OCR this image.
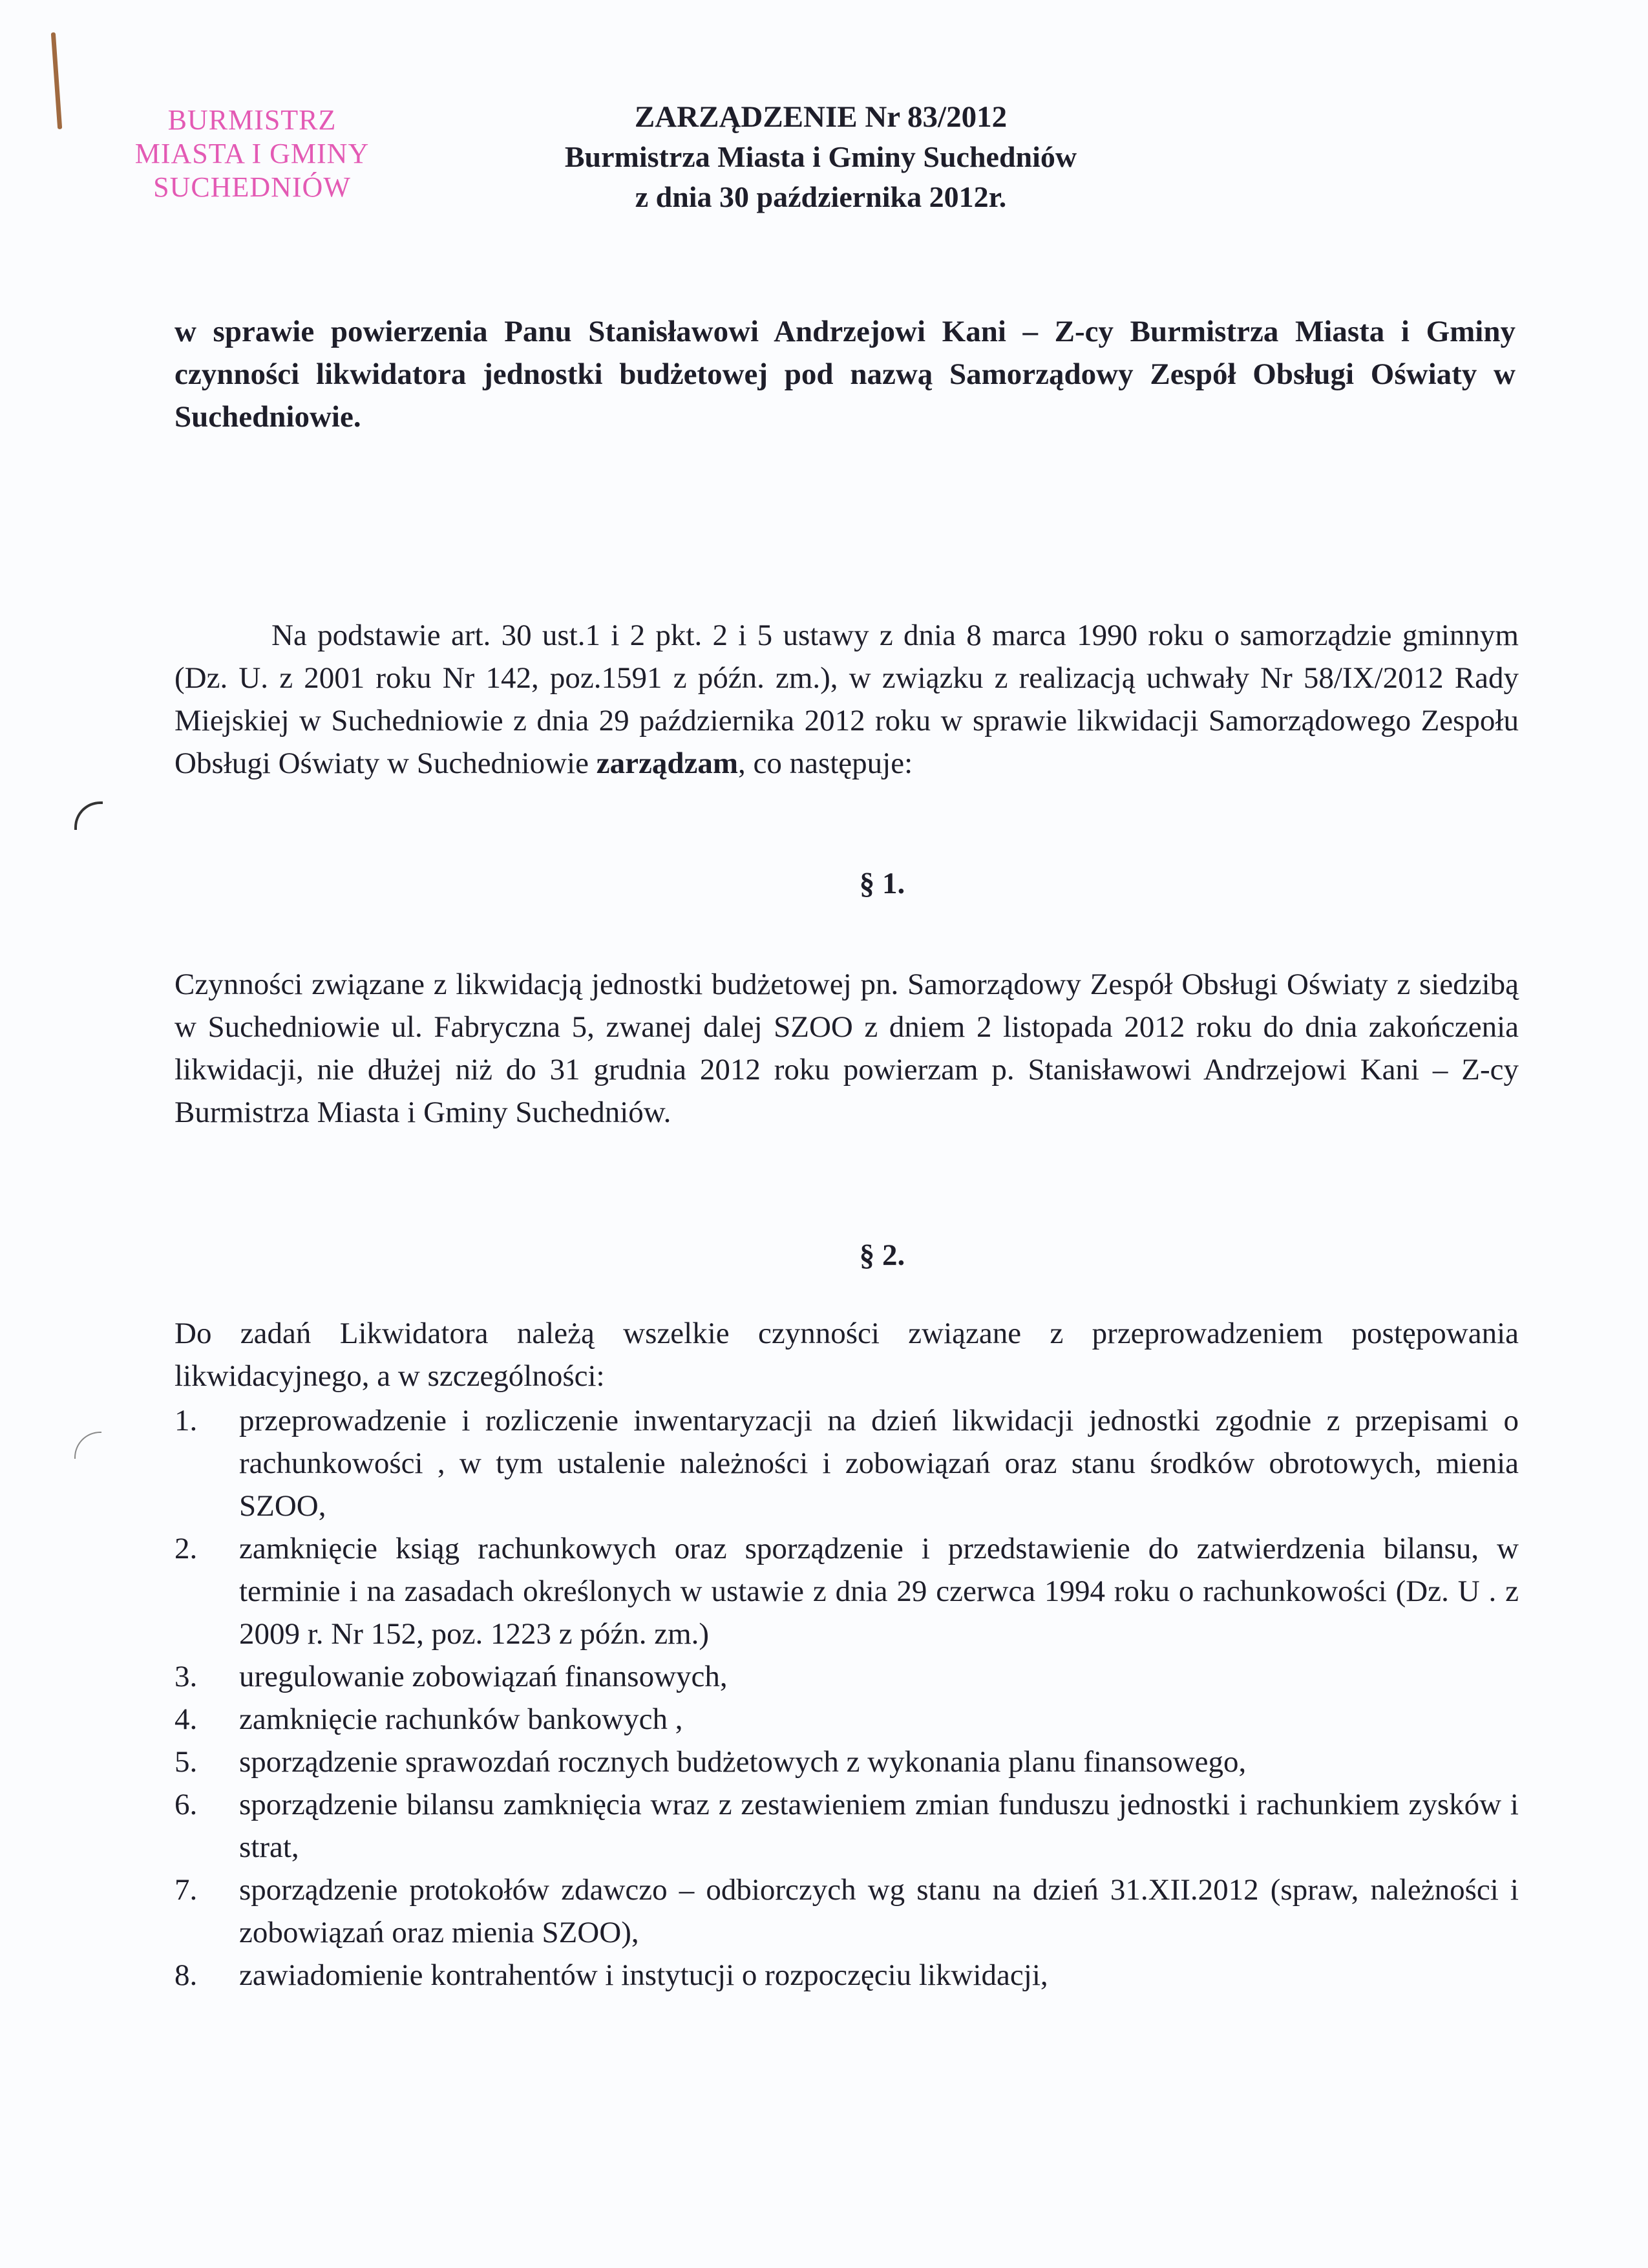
BURMISTRZ
MIASTA I GMINY
SUCHEDNIÓW
ZARZĄDZENIE Nr 83/2012
Burmistrza Miasta i Gminy Suchedniów
z dnia 30 października 2012r.
w sprawie powierzenia Panu Stanisławowi Andrzejowi Kani – Z-cy Burmistrza Miasta i Gminy czynności likwidatora jednostki budżetowej pod nazwą Samorządowy Zespół Obsługi Oświaty w Suchedniowie.
Na podstawie art. 30 ust.1 i 2 pkt. 2 i 5 ustawy z dnia 8 marca 1990 roku o samorządzie gminnym (Dz. U. z 2001 roku Nr 142, poz.1591 z późn. zm.), w związku z realizacją uchwały Nr 58/IX/2012 Rady Miejskiej w Suchedniowie z dnia 29 października 2012 roku w sprawie likwidacji Samorządowego Zespołu Obsługi Oświaty w Suchedniowie zarządzam, co następuje:
§ 1.
Czynności związane z likwidacją jednostki budżetowej pn. Samorządowy Zespół Obsługi Oświaty z siedzibą w Suchedniowie ul. Fabryczna 5, zwanej dalej SZOO z dniem 2 listopada 2012 roku do dnia zakończenia likwidacji, nie dłużej niż do 31 grudnia 2012 roku powierzam p. Stanisławowi Andrzejowi Kani – Z-cy Burmistrza Miasta i Gminy Suchedniów.
§ 2.
Do zadań Likwidatora należą wszelkie czynności związane z przeprowadzeniem postępowania likwidacyjnego, a w szczególności:
1.	przeprowadzenie i rozliczenie inwentaryzacji na dzień likwidacji jednostki zgodnie z przepisami o rachunkowości , w tym ustalenie należności i zobowiązań oraz stanu środków obrotowych, mienia SZOO,
2.	zamknięcie ksiąg rachunkowych oraz sporządzenie i przedstawienie do zatwierdzenia bilansu, w terminie i na zasadach określonych w ustawie z dnia 29 czerwca 1994 roku o rachunkowości (Dz. U . z 2009 r. Nr 152, poz. 1223 z późn. zm.)
3.	uregulowanie zobowiązań finansowych,
4.	zamknięcie rachunków bankowych ,
5.	sporządzenie sprawozdań rocznych budżetowych z wykonania planu finansowego,
6.	sporządzenie bilansu zamknięcia wraz z zestawieniem zmian funduszu jednostki i rachunkiem zysków i strat,
7.	sporządzenie protokołów zdawczo – odbiorczych wg stanu na dzień 31.XII.2012 (spraw, należności i zobowiązań oraz mienia SZOO),
8.	zawiadomienie kontrahentów i instytucji o rozpoczęciu likwidacji,
